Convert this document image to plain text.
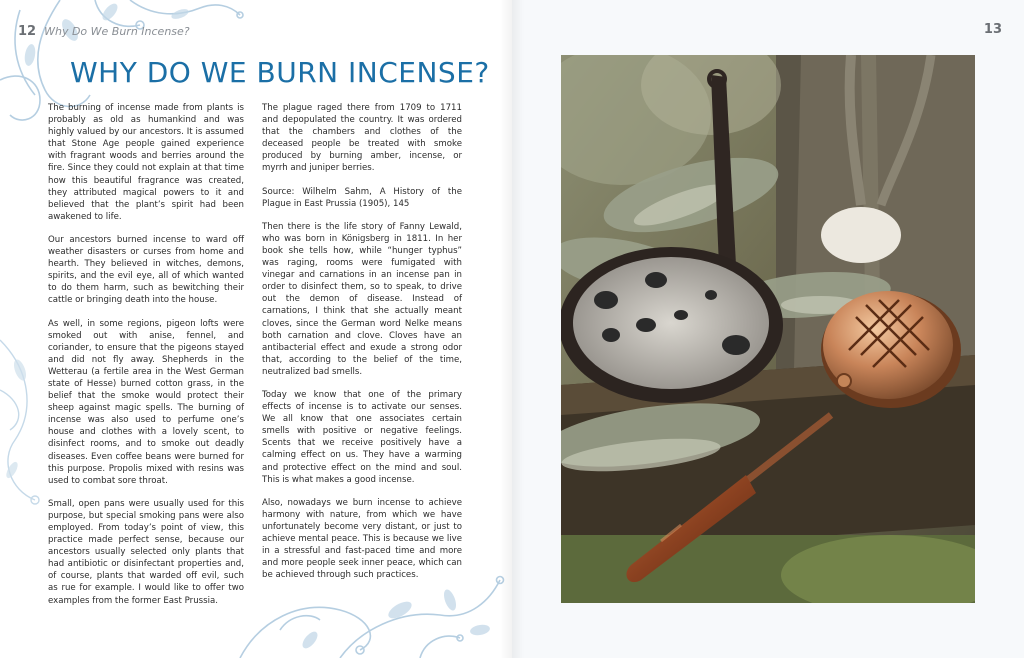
12 Why Do We Burn Incense?
WHY DO WE BURN INCENSE?

The burning of incense made from plants is probably as old as humankind and was highly valued by our ancestors. It is assumed that Stone Age people gained experience with fragrant woods and berries around the fire. Since they could not explain at that time how this beautiful fragrance was created, they attributed magical powers to it and believed that the plant’s spirit had been awakened to life.

Our ancestors burned incense to ward off weather disasters or curses from home and hearth. They believed in witches, demons, spirits, and the evil eye, all of which wanted to do them harm, such as bewitching their cattle or bringing death into the house.

As well, in some regions, pigeon lofts were smoked out with anise, fennel, and coriander, to ensure that the pigeons stayed and did not fly away. Shepherds in the Wetterau (a fertile area in the West German state of Hesse) burned cotton grass, in the belief that the smoke would protect their sheep against magic spells. The burning of incense was also used to perfume one’s house and clothes with a lovely scent, to disinfect rooms, and to smoke out deadly diseases. Even coffee beans were burned for this purpose. Propolis mixed with resins was used to combat sore throat.

Small, open pans were usually used for this purpose, but special smoking pans were also employed. From today’s point of view, this practice made perfect sense, because our ancestors usually selected only plants that had antibiotic or disinfectant properties and, of course, plants that warded off evil, such as rue for example. I would like to offer two examples from the former East Prussia.

The plague raged there from 1709 to 1711 and depopulated the country. It was ordered that the chambers and clothes of the deceased people be treated with smoke produced by burning amber, incense, or myrrh and juniper berries.

Source: Wilhelm Sahm, A History of the Plague in East Prussia (1905), 145

Then there is the life story of Fanny Lewald, who was born in Königsberg in 1811. In her book she tells how, while “hunger typhus” was raging, rooms were fumigated with vinegar and carnations in an incense pan in order to disinfect them, so to speak, to drive out the demon of disease. Instead of carnations, I think that she actually meant cloves, since the German word Nelke means both carnation and clove. Cloves have an antibacterial effect and exude a strong odor that, according to the belief of the time, neutralized bad smells.

Today we know that one of the primary effects of incense is to activate our senses. We all know that one associates certain smells with positive or negative feelings. Scents that we receive positively have a calming effect on us. They have a warming and protective effect on the mind and soul. This is what makes a good incense.

Also, nowadays we burn incense to achieve harmony with nature, from which we have unfortunately become very distant, or just to achieve mental peace. This is because we live in a stressful and fast-paced time and more and more people seek inner peace, which can be achieved through such practices.

13
